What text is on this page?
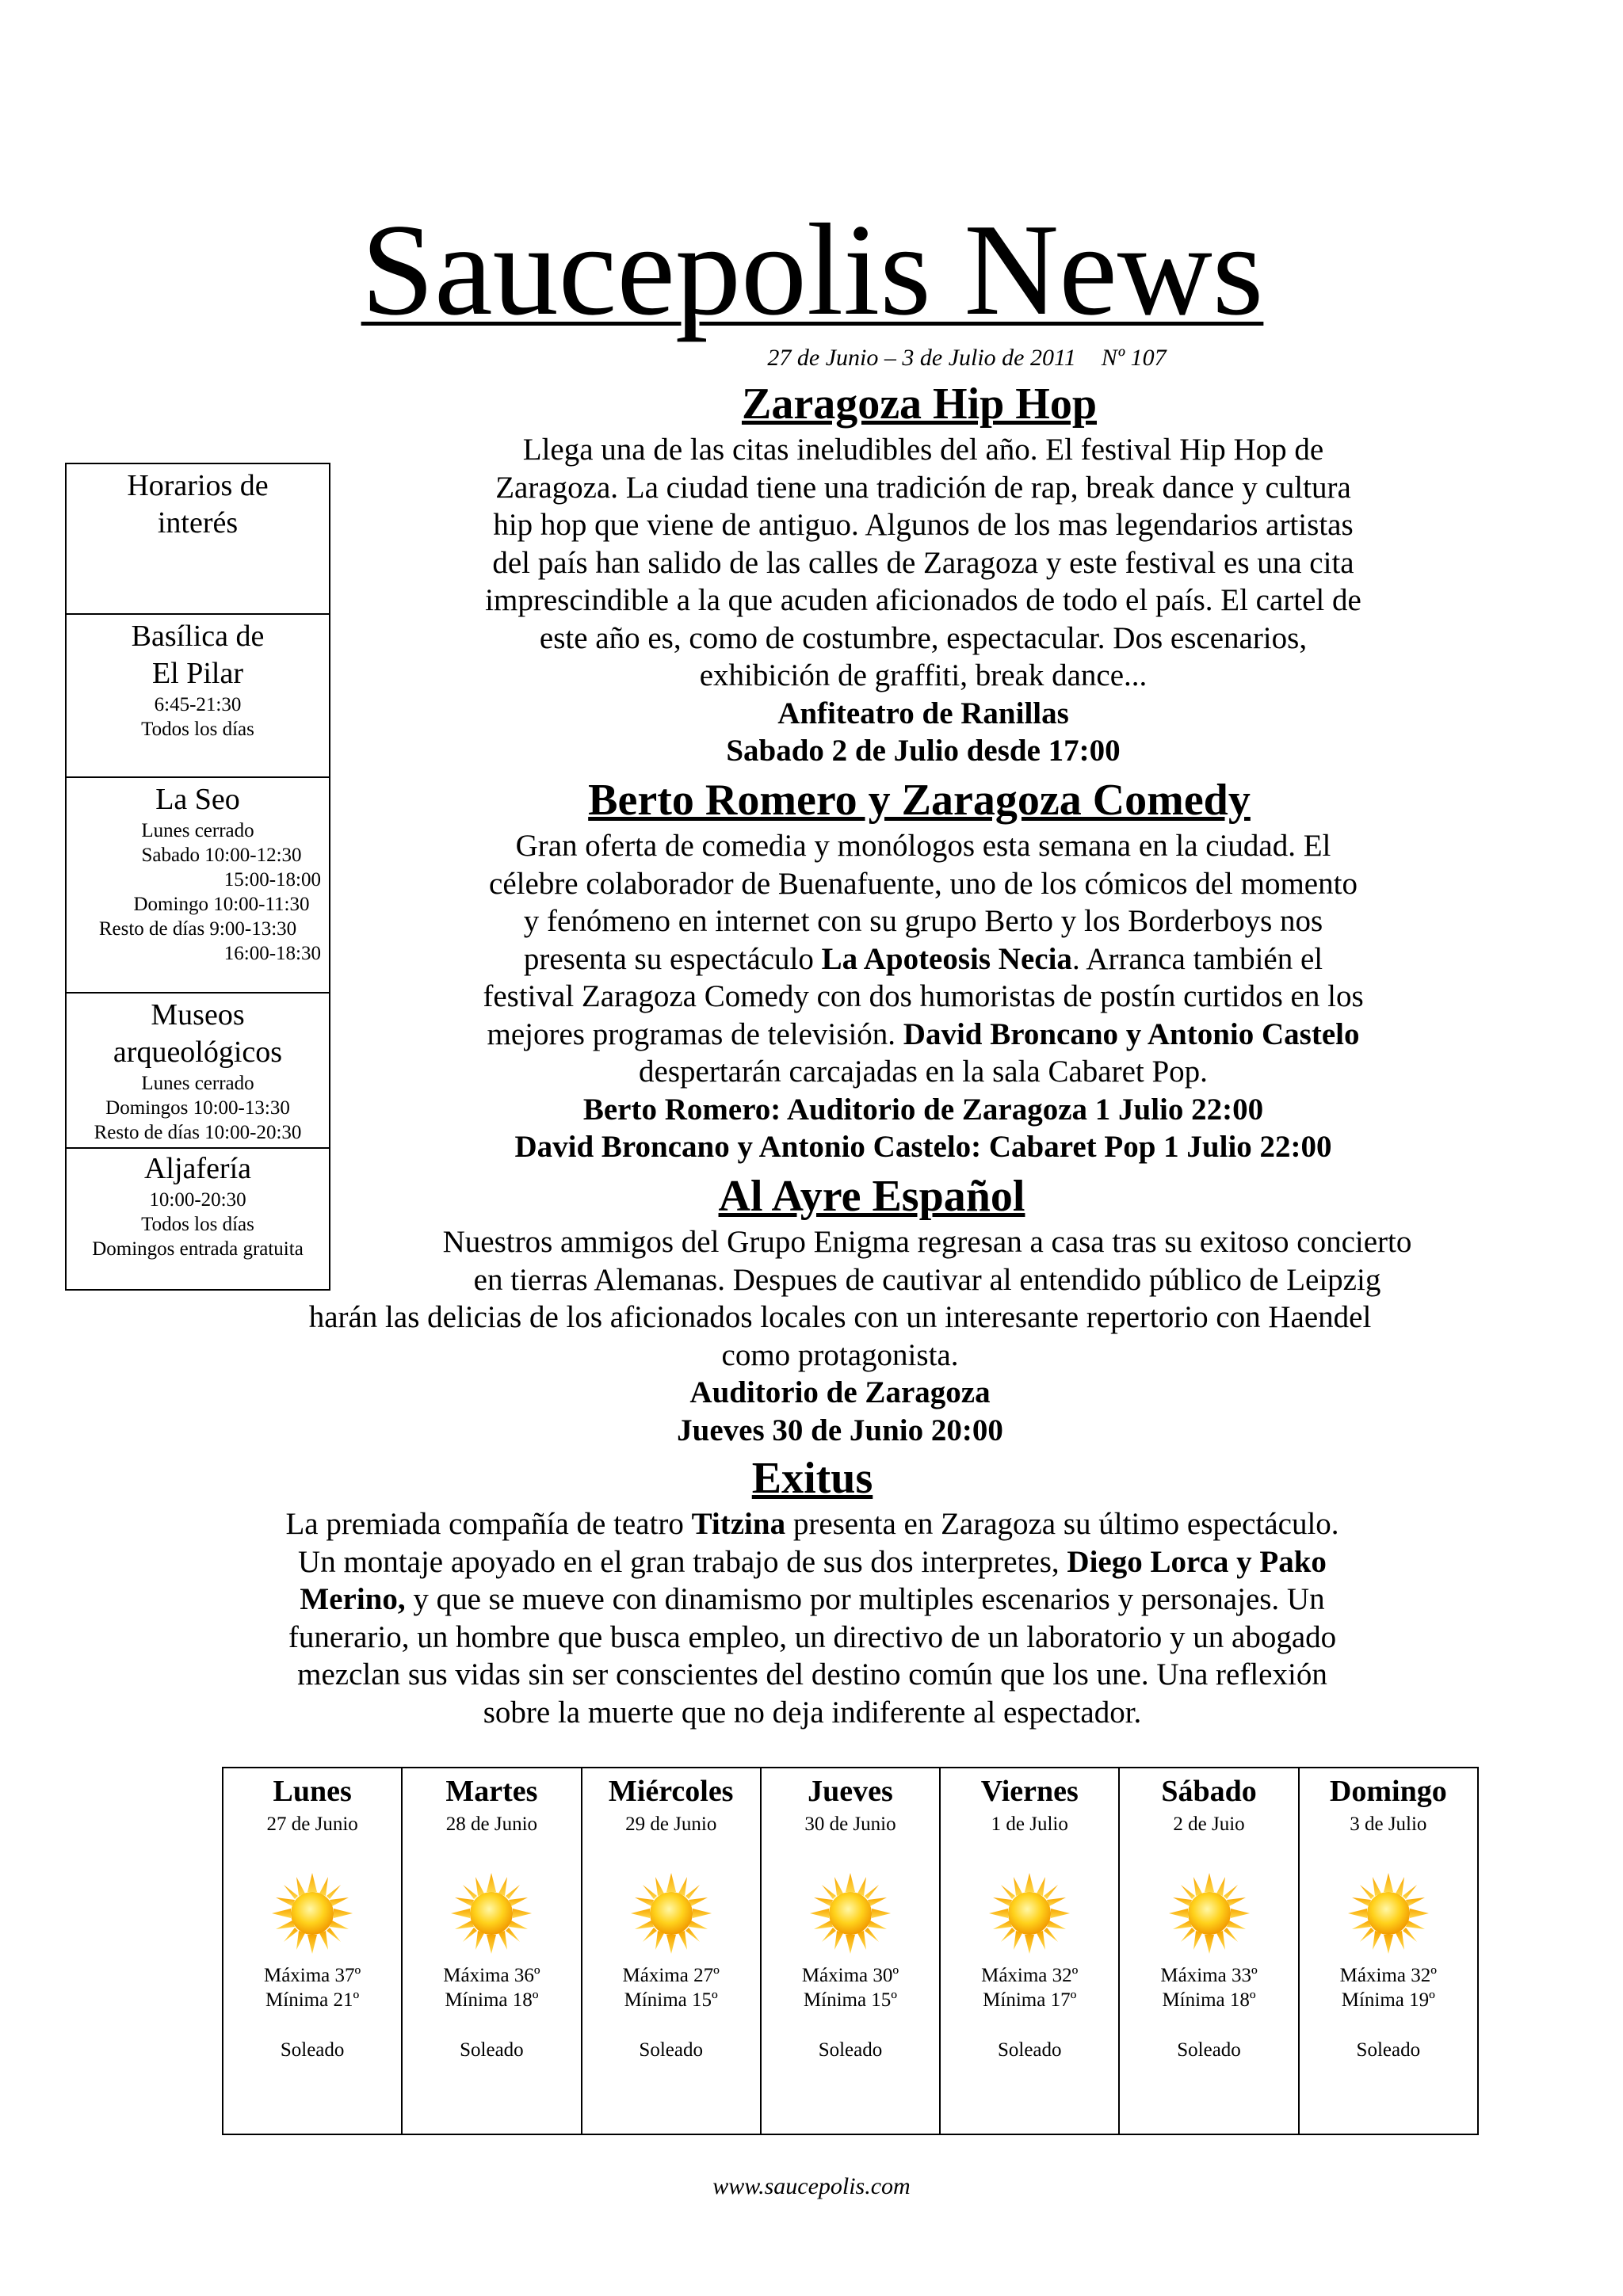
Saucepolis News
27 de Junio – 3 de Julio de 2011 Nº 107
Zaragoza Hip Hop
Llega una de las citas ineludibles del año. El festival Hip Hop de
Zaragoza. La ciudad tiene una tradición de rap, break dance y cultura
hip hop que viene de antiguo. Algunos de los mas legendarios artistas
del país han salido de las calles de Zaragoza y este festival es una cita
imprescindible a la que acuden aficionados de todo el país. El cartel de
este año es, como de costumbre, espectacular. Dos escenarios,
exhibición de graffiti, break dance...
Anfiteatro de Ranillas
Sabado 2 de Julio desde 17:00
Berto Romero y Zaragoza Comedy
Gran oferta de comedia y monólogos esta semana en la ciudad. El
célebre colaborador de Buenafuente, uno de los cómicos del momento
y fenómeno en internet con su grupo Berto y los Borderboys nos
presenta su espectáculo La Apoteosis Necia. Arranca también el
festival Zaragoza Comedy con dos humoristas de postín curtidos en los
mejores programas de televisión. David Broncano y Antonio Castelo
despertarán carcajadas en la sala Cabaret Pop.
Berto Romero: Auditorio de Zaragoza 1 Julio 22:00
David Broncano y Antonio Castelo: Cabaret Pop 1 Julio 22:00
Al Ayre Español
Nuestros ammigos del Grupo Enigma regresan a casa tras su exitoso concierto
en tierras Alemanas. Despues de cautivar al entendido público de Leipzig
harán las delicias de los aficionados locales con un interesante repertorio con Haendel
como protagonista.
Auditorio de Zaragoza
Jueves 30 de Junio 20:00
Exitus
La premiada compañía de teatro Titzina presenta en Zaragoza su último espectáculo.
Un montaje apoyado en el gran trabajo de sus dos interpretes, Diego Lorca y Pako
Merino, y que se mueve con dinamismo por multiples escenarios y personajes. Un
funerario, un hombre que busca empleo, un directivo de un laboratorio y un abogado
mezclan sus vidas sin ser conscientes del destino común que los une. Una reflexión
sobre la muerte que no deja indiferente al espectador.
Horarios de
interés
Basílica de
El Pilar
6:45-21:30
Todos los días
La Seo
Lunes cerrado
Sabado 10:00-12:30
15:00-18:00
Domingo 10:00-11:30
Resto de días 9:00-13:30
16:00-18:30
Museos
arqueológicos
Lunes cerrado
Domingos 10:00-13:30
Resto de días 10:00-20:30
Aljafería
10:00-20:30
Todos los días
Domingos entrada gratuita
Lunes
27 de Junio
Máxima 37º
Mínima 21º
Soleado
Martes
28 de Junio
Máxima 36º
Mínima 18º
Soleado
Miércoles
29 de Junio
Máxima 27º
Mínima 15º
Soleado
Jueves
30 de Junio
Máxima 30º
Mínima 15º
Soleado
Viernes
1 de Julio
Máxima 32º
Mínima 17º
Soleado
Sábado
2 de Juio
Máxima 33º
Mínima 18º
Soleado
Domingo
3 de Julio
Máxima 32º
Mínima 19º
Soleado
www.saucepolis.com
